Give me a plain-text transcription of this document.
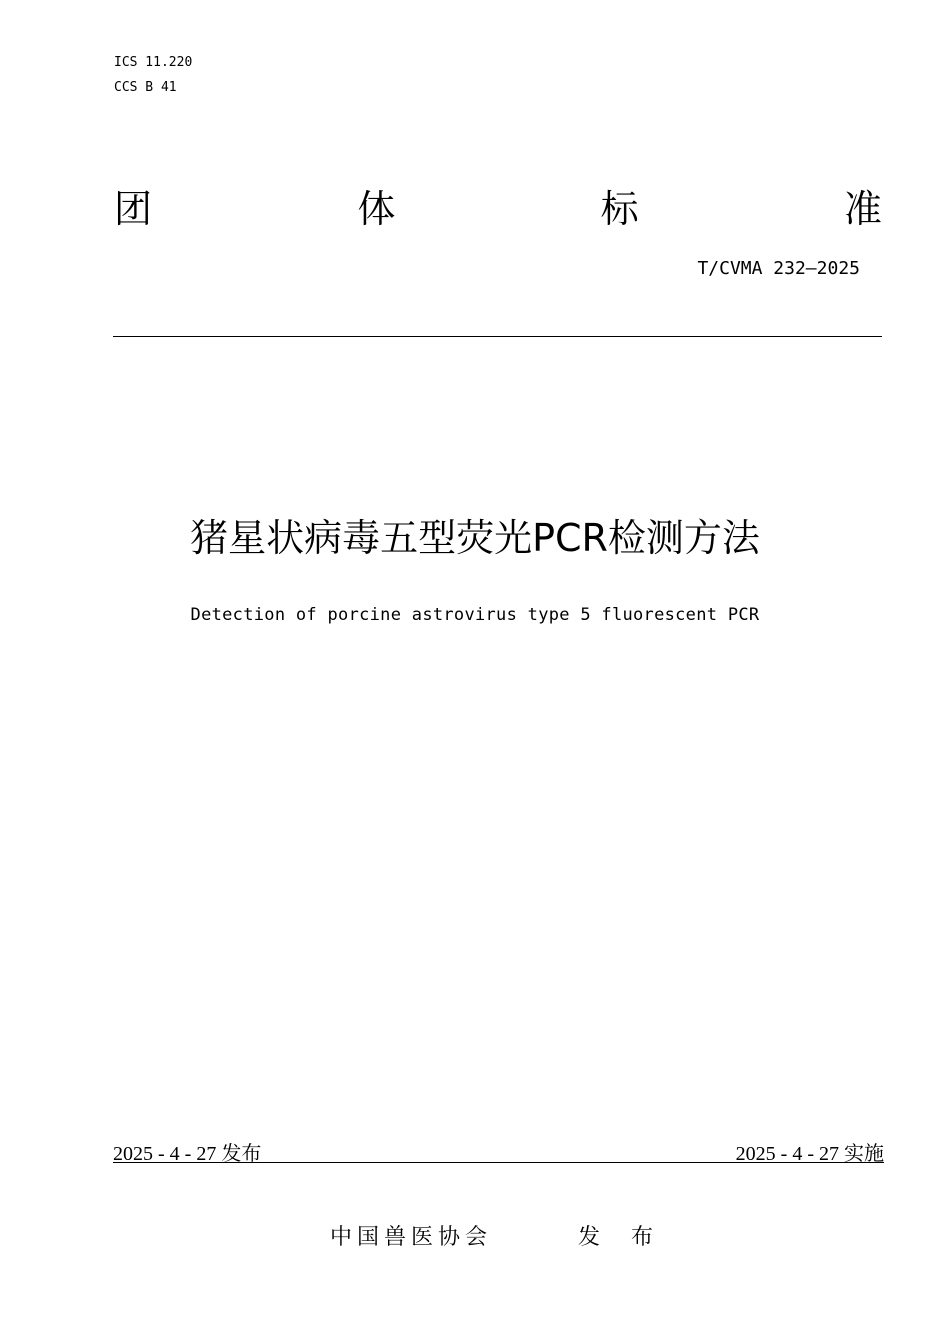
ICS 11.220
CCS B 41
团	体	标	准
T/CVMA 232—2025
猪星状病毒五型荧光PCR检测方法
Detection of porcine astrovirus type 5 fluorescent PCR
2025 - 4 - 27 发布	2025 - 4 - 27 实施
中国兽医协会	发 布
